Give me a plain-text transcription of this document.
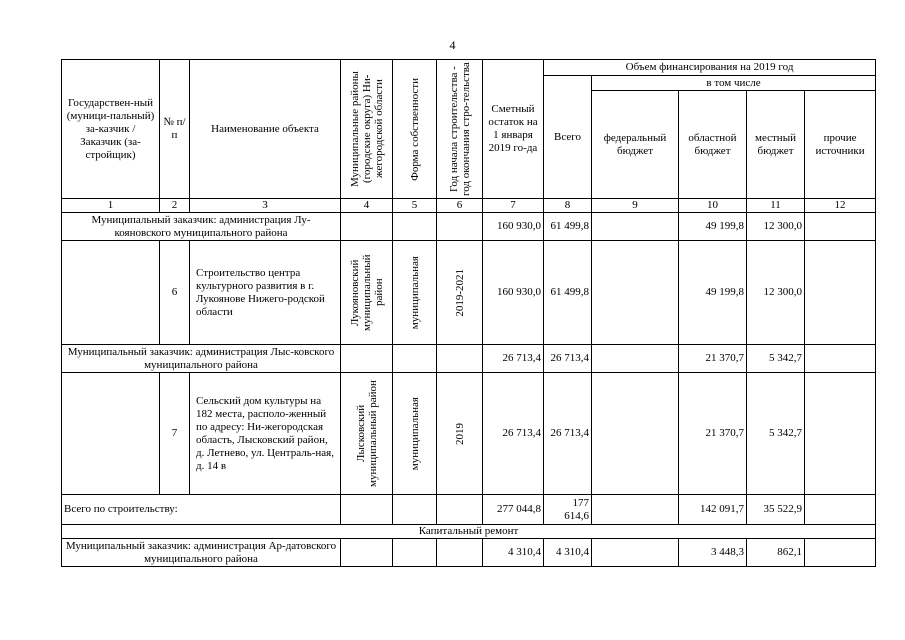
4
Государствен-ный (муници-пальный) за-казчик / Заказчик (за-стройщик)	№ п/п	Наименование объекта	Муниципальные районы (городские округа) Ни-жегородской области	Форма собственности	Год начала строительства - год окончания стро-тельства	Сметный остаток на 1 января 2019 го-да	Объем финансирования на 2019 год				
							Всего	в том числе			
								федеральный бюджет	областной бюджет	местный бюджет	прочие источники
1	2	3	4	5	6	7	8	9	10	11	12
Муниципальный заказчик: администрация Лу-кояновского муниципального района						160 930,0	61 499,8		49 199,8	12 300,0	
	6	Строительство центра культурного развития в г. Лукоянове Нижего-родской области	Лукояновский муниципальный район	муниципальная	2019-2021	160 930,0	61 499,8		49 199,8	12 300,0	
Муниципальный заказчик: администрация Лыс-ковского муниципального района						26 713,4	26 713,4		21 370,7	5 342,7	
	7	Сельский дом культуры на 182 места, располо-женный по адресу: Ни-жегородская область, Лысковский район, д. Летнево, ул. Централь-ная, д. 14 в	Лысковский муниципальный район	муниципальная	2019	26 713,4	26 713,4		21 370,7	5 342,7	
Всего по строительству:						277 044,8	177 614,6		142 091,7	35 522,9	
Капитальный ремонт											
Муниципальный заказчик: администрация Ар-датовского муниципального района						4 310,4	4 310,4		3 448,3	862,1	
